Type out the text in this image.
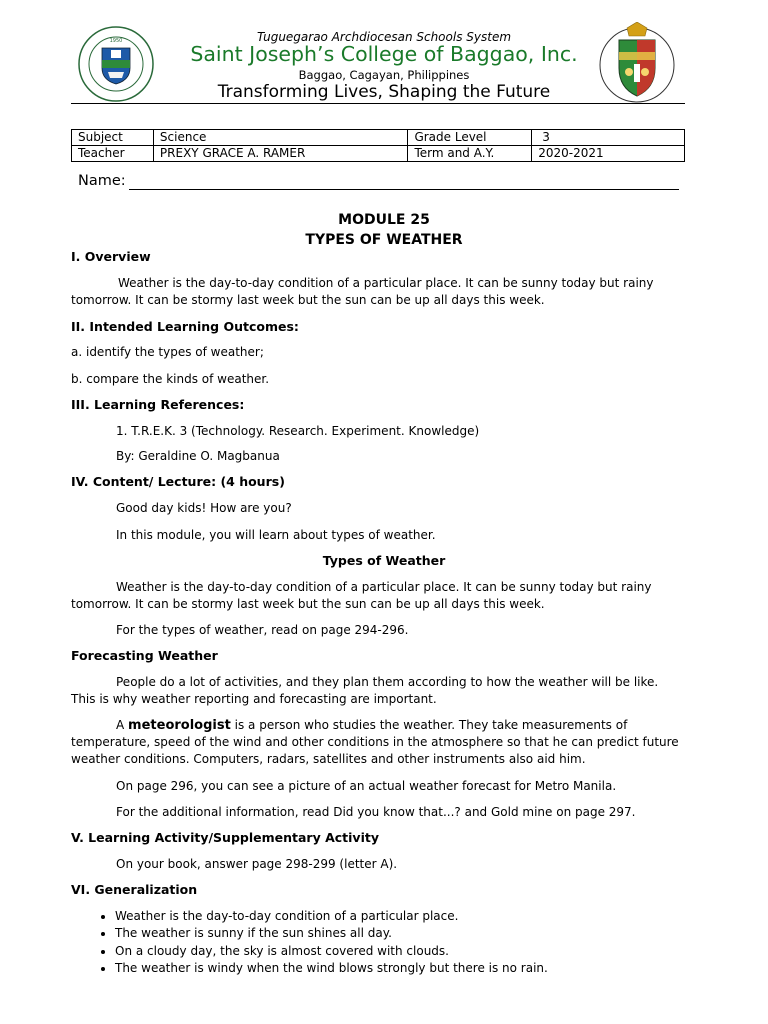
1950	Tuguegarao Archdiocesan Schools System
Saint Joseph’s College of Baggao, Inc.
Baggao, Cagayan, Philippines
Transforming Lives, Shaping the Future
Subject	Science	Grade Level	3
Teacher	PREXY GRACE A. RAMER	Term and A.Y.	2020-2021
Name:
MODULE 25
TYPES OF WEATHER
I. Overview
Weather is the day-to-day condition of a particular place. It can be sunny today but rainy tomorrow. It can be stormy last week but the sun can be up all days this week.
II. Intended Learning Outcomes:
a. identify the types of weather;
b. compare the kinds of weather.
III. Learning References:
1. T.R.E.K. 3 (Technology. Research. Experiment. Knowledge)
By: Geraldine O. Magbanua
IV. Content/ Lecture: (4 hours)
Good day kids! How are you?
In this module, you will learn about types of weather.
Types of Weather
Weather is the day-to-day condition of a particular place. It can be sunny today but rainy tomorrow. It can be stormy last week but the sun can be up all days this week.
For the types of weather, read on page 294-296.
Forecasting Weather
People do a lot of activities, and they plan them according to how the weather will be like. This is why weather reporting and forecasting are important.
A meteorologist is a person who studies the weather. They take measurements of temperature, speed of the wind and other conditions in the atmosphere so that he can predict future weather conditions. Computers, radars, satellites and other instruments also aid him.
On page 296, you can see a picture of an actual weather forecast for Metro Manila.
For the additional information, read Did you know that...? and Gold mine on page 297.
V. Learning Activity/Supplementary Activity
On your book, answer page 298-299 (letter A).
VI. Generalization
• Weather is the day-to-day condition of a particular place.
• The weather is sunny if the sun shines all day.
• On a cloudy day, the sky is almost covered with clouds.
• The weather is windy when the wind blows strongly but there is no rain.
